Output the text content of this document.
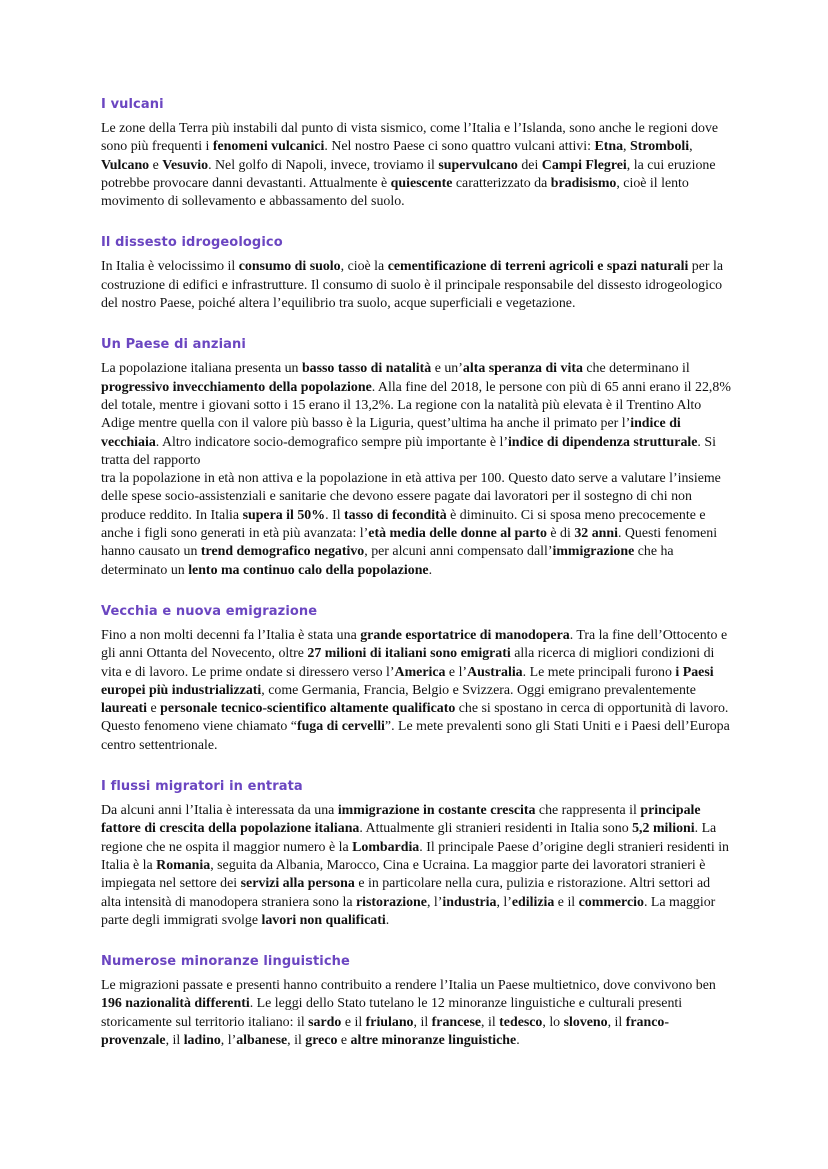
I vulcani

Le zone della Terra più instabili dal punto di vista sismico, come l’Italia e l’Islanda, sono anche le regioni dove sono più frequenti i fenomeni vulcanici. Nel nostro Paese ci sono quattro vulcani attivi: Etna, Stromboli, Vulcano e Vesuvio. Nel golfo di Napoli, invece, troviamo il supervulcano dei Campi Flegrei, la cui eruzione potrebbe provocare danni devastanti. Attualmente è quiescente caratterizzato da bradisismo, cioè il lento movimento di sollevamento e abbassamento del suolo.

Il dissesto idrogeologico

In Italia è velocissimo il consumo di suolo, cioè la cementificazione di terreni agricoli e spazi naturali per la costruzione di edifici e infrastrutture. Il consumo di suolo è il principale responsabile del dissesto idrogeologico del nostro Paese, poiché altera l’equilibrio tra suolo, acque superficiali e vegetazione.

Un Paese di anziani

La popolazione italiana presenta un basso tasso di natalità e un’alta speranza di vita che determinano il progressivo invecchiamento della popolazione. Alla fine del 2018, le persone con più di 65 anni erano il 22,8% del totale, mentre i giovani sotto i 15 erano il 13,2%. La regione con la natalità più elevata è il Trentino Alto Adige mentre quella con il valore più basso è la Liguria, quest’ultima ha anche il primato per l’indice di vecchiaia. Altro indicatore socio-demografico sempre più importante è l’indice di dipendenza strutturale. Si tratta del rapporto

tra la popolazione in età non attiva e la popolazione in età attiva per 100. Questo dato serve a valutare l’insieme delle spese socio-assistenziali e sanitarie che devono essere pagate dai lavoratori per il sostegno di chi non produce reddito. In Italia supera il 50%. Il tasso di fecondità è diminuito. Ci si sposa meno precocemente e anche i figli sono generati in età più avanzata: l’età media delle donne al parto è di 32 anni. Questi fenomeni hanno causato un trend demografico negativo, per alcuni anni compensato dall’immigrazione che ha determinato un lento ma continuo calo della popolazione.

Vecchia e nuova emigrazione

Fino a non molti decenni fa l’Italia è stata una grande esportatrice di manodopera. Tra la fine dell’Ottocento e gli anni Ottanta del Novecento, oltre 27 milioni di italiani sono emigrati alla ricerca di migliori condizioni di vita e di lavoro. Le prime ondate si diressero verso l’America e l’Australia. Le mete principali furono i Paesi europei più industrializzati, come Germania, Francia, Belgio e Svizzera. Oggi emigrano prevalentemente laureati e personale tecnico-scientifico altamente qualificato che si spostano in cerca di opportunità di lavoro. Questo fenomeno viene chiamato “fuga di cervelli”. Le mete prevalenti sono gli Stati Uniti e i Paesi dell’Europa centro settentrionale.

I flussi migratori in entrata

Da alcuni anni l’Italia è interessata da una immigrazione in costante crescita che rappresenta il principale fattore di crescita della popolazione italiana. Attualmente gli stranieri residenti in Italia sono 5,2 milioni. La regione che ne ospita il maggior numero è la Lombardia. Il principale Paese d’origine degli stranieri residenti in Italia è la Romania, seguita da Albania, Marocco, Cina e Ucraina. La maggior parte dei lavoratori stranieri è impiegata nel settore dei servizi alla persona e in particolare nella cura, pulizia e ristorazione. Altri settori ad alta intensità di manodopera straniera sono la ristorazione, l’industria, l’edilizia e il commercio. La maggior parte degli immigrati svolge lavori non qualificati.

Numerose minoranze linguistiche

Le migrazioni passate e presenti hanno contribuito a rendere l’Italia un Paese multietnico, dove convivono ben 196 nazionalità differenti. Le leggi dello Stato tutelano le 12 minoranze linguistiche e culturali presenti storicamente sul territorio italiano: il sardo e il friulano, il francese, il tedesco, lo sloveno, il franco-provenzale, il ladino, l’albanese, il greco e altre minoranze linguistiche.
